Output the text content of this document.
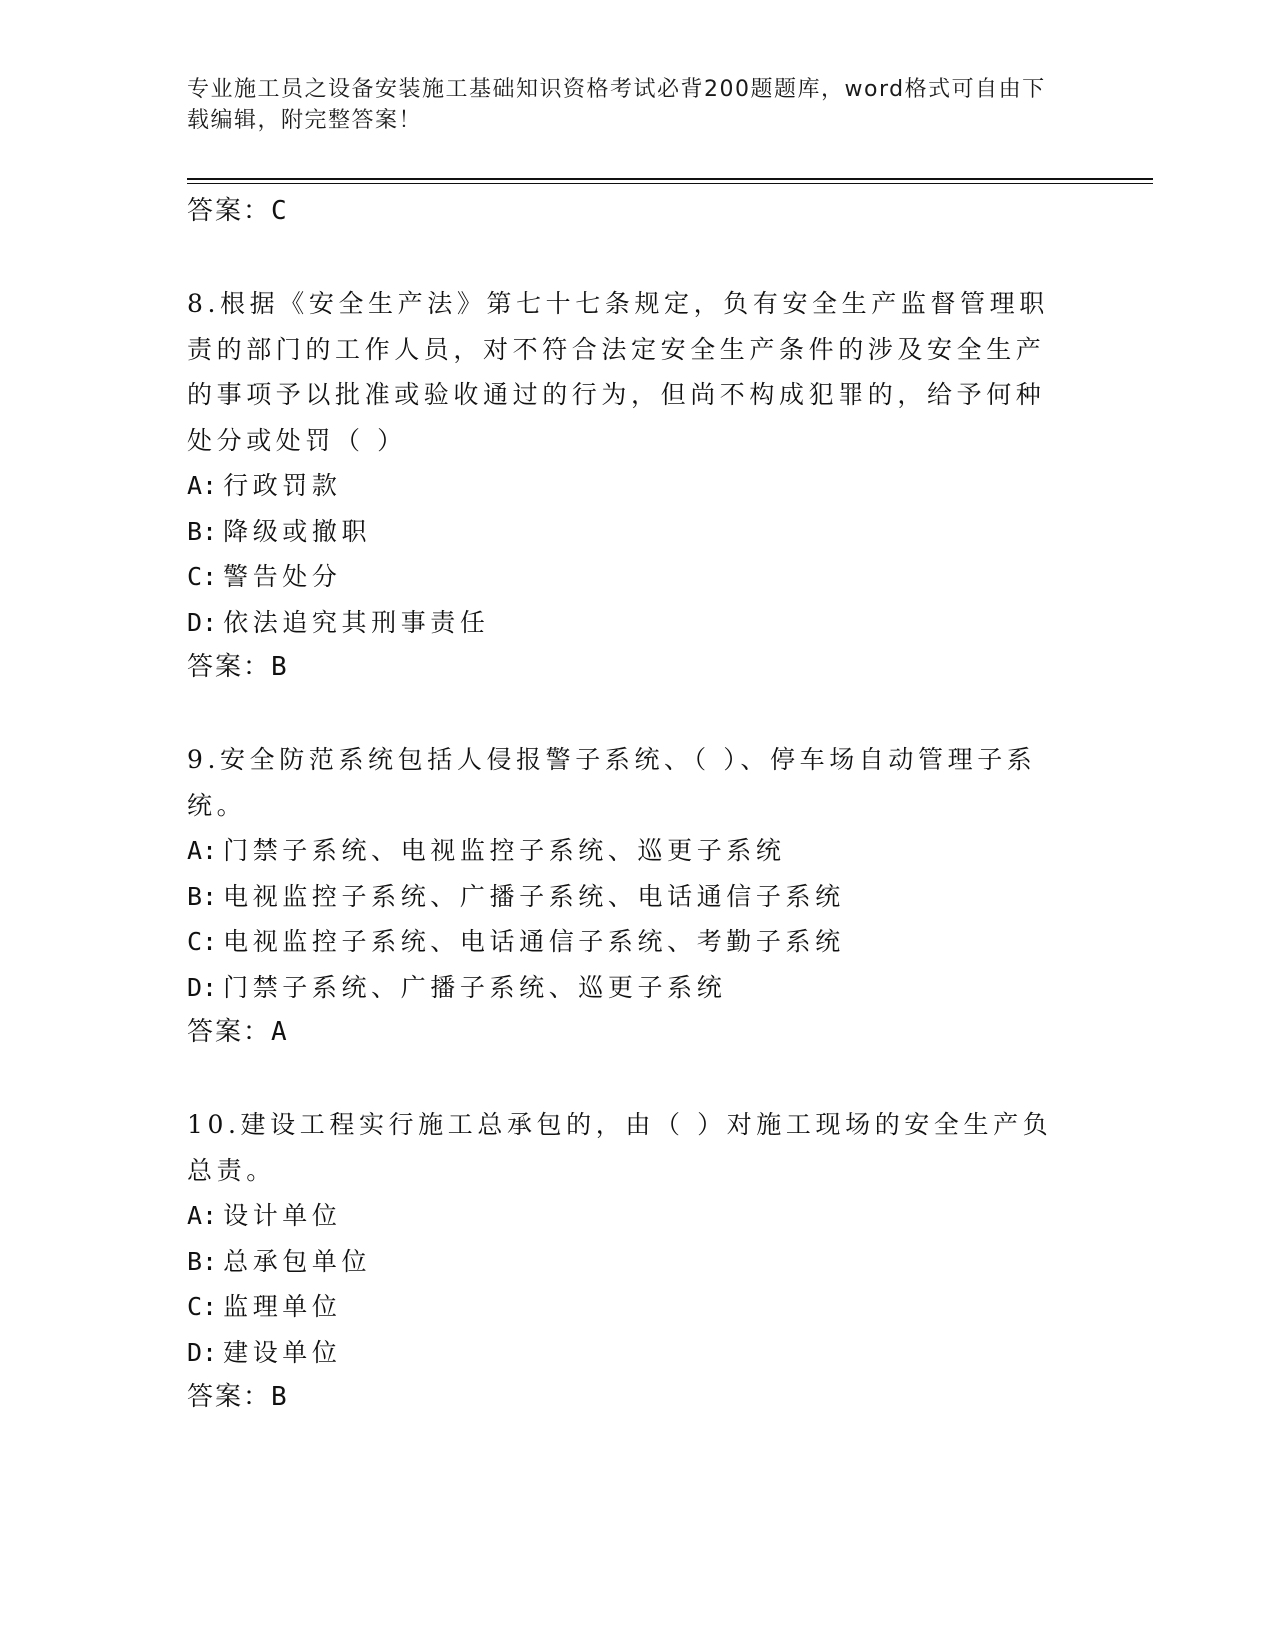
专业施工员之设备安装施工基础知识资格考试必背200题题库，word格式可自由下载编辑，附完整答案！
答案：C
8.根据《安全生产法》第七十七条规定，负有安全生产监督管理职责的部门的工作人员，对不符合法定安全生产条件的涉及安全生产的事项予以批准或验收通过的行为，但尚不构成犯罪的，给予何种处分或处罚（ ）
A: 行政罚款
B: 降级或撤职
C: 警告处分
D: 依法追究其刑事责任
答案：B
9.安全防范系统包括人侵报警子系统、（ ）、停车场自动管理子系统。
A: 门禁子系统、电视监控子系统、巡更子系统
B: 电视监控子系统、广播子系统、电话通信子系统
C: 电视监控子系统、电话通信子系统、考勤子系统
D: 门禁子系统、广播子系统、巡更子系统
答案：A
10.建设工程实行施工总承包的，由（ ）对施工现场的安全生产负总责。
A: 设计单位
B: 总承包单位
C: 监理单位
D: 建设单位
答案：B
